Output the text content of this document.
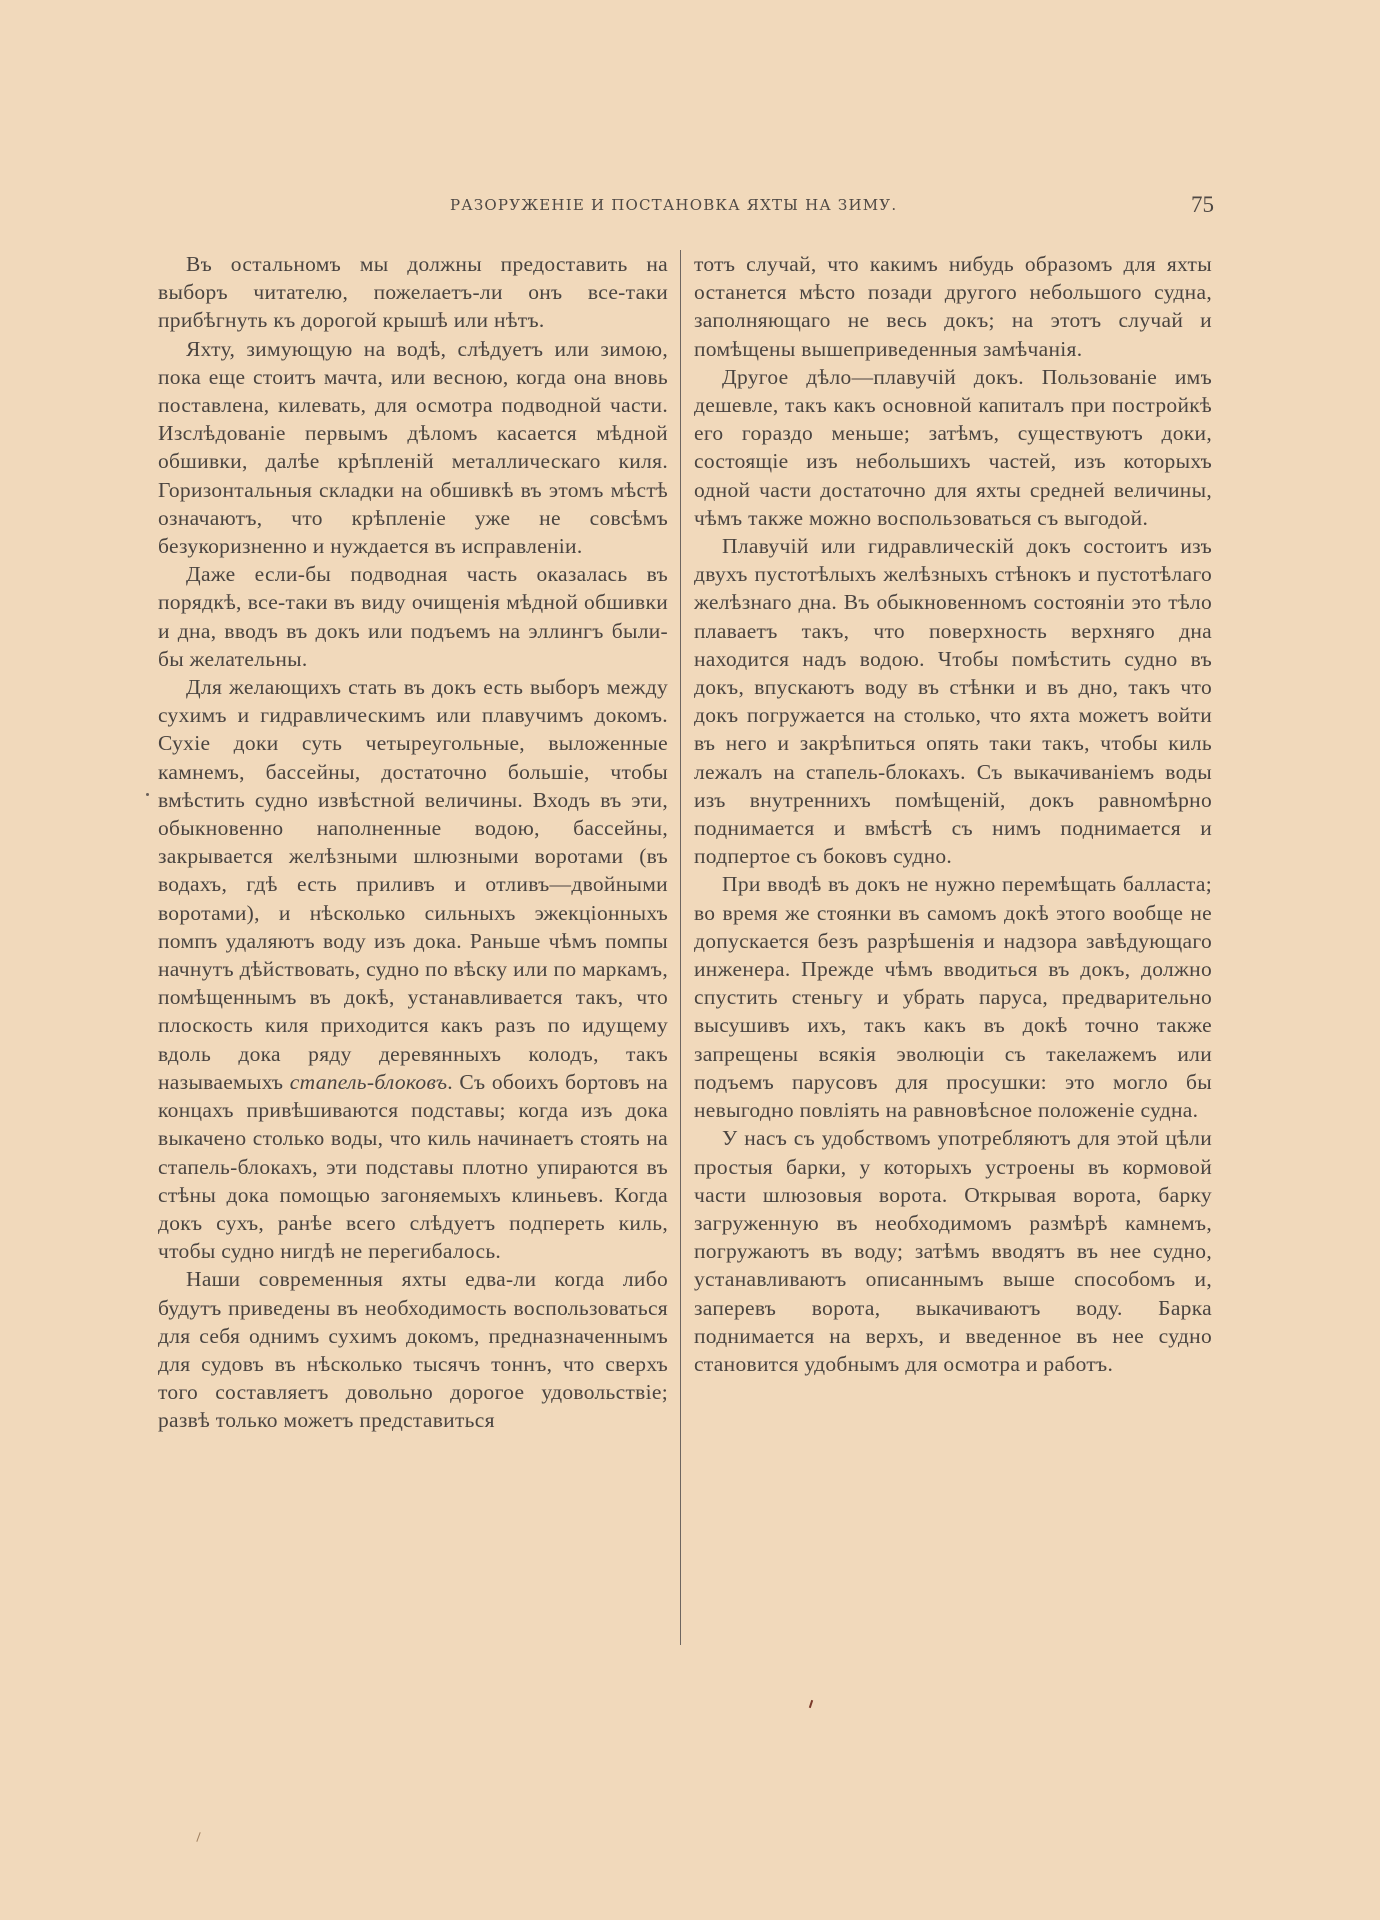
РАЗОРУЖЕНІЕ И ПОСТАНОВКА ЯХТЫ НА ЗИМУ.	75

Въ остальномъ мы должны предоставить на выборъ читателю, пожелаетъ-ли онъ все-таки прибѣгнуть къ дорогой крышѣ или нѣтъ.

Яхту, зимующую на водѣ, слѣдуетъ или зимою, пока еще стоитъ мачта, или весною, когда она вновь поставлена, килевать, для осмотра подводной части. Изслѣдованіе первымъ дѣломъ касается мѣдной обшивки, далѣе крѣпленій металлическаго киля. Горизонтальныя складки на обшивкѣ въ этомъ мѣстѣ означаютъ, что крѣпленіе уже не совсѣмъ безукоризненно и нуждается въ исправленіи.

Даже если-бы подводная часть оказалась въ порядкѣ, все-таки въ виду очищенія мѣдной обшивки и дна, вводъ въ докъ или подъемъ на эллингъ были-бы желательны.

Для желающихъ стать въ докъ есть выборъ между сухимъ и гидравлическимъ или плавучимъ докомъ. Сухіе доки суть четыреугольные, выложенные камнемъ, бассейны, достаточно большіе, чтобы вмѣстить судно извѣстной величины. Входъ въ эти, обыкновенно наполненные водою, бассейны, закрывается желѣзными шлюзными воротами (въ водахъ, гдѣ есть приливъ и отливъ—двойными воротами), и нѣсколько сильныхъ эжекціонныхъ помпъ удаляютъ воду изъ дока. Раньше чѣмъ помпы начнутъ дѣйствовать, судно по вѣску или по маркамъ, помѣщеннымъ въ докѣ, устанавливается такъ, что плоскость киля приходится какъ разъ по идущему вдоль дока ряду деревянныхъ колодъ, такъ называемыхъ стапель-блоковъ. Съ обоихъ бортовъ на концахъ привѣшиваются подставы; когда изъ дока выкачено столько воды, что киль начинаетъ стоять на стапель-блокахъ, эти подставы плотно упираются въ стѣны дока помощью загоняемыхъ клиньевъ. Когда докъ сухъ, ранѣе всего слѣдуетъ подпереть киль, чтобы судно нигдѣ не перегибалось.

Наши современныя яхты едва-ли когда либо будутъ приведены въ необходимость воспользоваться для себя однимъ сухимъ докомъ, предназначеннымъ для судовъ въ нѣсколько тысячъ тоннъ, что сверхъ того составляетъ довольно дорогое удовольствіе; развѣ только можетъ представиться

тотъ случай, что какимъ нибудь образомъ для яхты останется мѣсто позади другого небольшого судна, заполняющаго не весь докъ; на этотъ случай и помѣщены вышеприведенныя замѣчанія.

Другое дѣло—плавучій докъ. Пользованіе имъ дешевле, такъ какъ основной капиталъ при постройкѣ его гораздо меньше; затѣмъ, существуютъ доки, состоящіе изъ небольшихъ частей, изъ которыхъ одной части достаточно для яхты средней величины, чѣмъ также можно воспользоваться съ выгодой.

Плавучій или гидравлическій докъ состоитъ изъ двухъ пустотѣлыхъ желѣзныхъ стѣнокъ и пустотѣлаго желѣзнаго дна. Въ обыкновенномъ состояніи это тѣло плаваетъ такъ, что поверхность верхняго дна находится надъ водою. Чтобы помѣстить судно въ докъ, впускаютъ воду въ стѣнки и въ дно, такъ что докъ погружается на столько, что яхта можетъ войти въ него и закрѣпиться опять таки такъ, чтобы киль лежалъ на стапель-блокахъ. Съ выкачиваніемъ воды изъ внутреннихъ помѣщеній, докъ равномѣрно поднимается и вмѣстѣ съ нимъ поднимается и подпертое съ боковъ судно.

При вводѣ въ докъ не нужно перемѣщать балласта; во время же стоянки въ самомъ докѣ этого вообще не допускается безъ разрѣшенія и надзора завѣдующаго инженера. Прежде чѣмъ вводиться въ докъ, должно спустить стеньгу и убрать паруса, предварительно высушивъ ихъ, такъ какъ въ докѣ точно также запрещены всякія эволюціи съ такелажемъ или подъемъ парусовъ для просушки: это могло бы невыгодно повліять на равновѣсное положеніе судна.

У насъ съ удобствомъ употребляютъ для этой цѣли простыя барки, у которыхъ устроены въ кормовой части шлюзовыя ворота. Открывая ворота, барку загруженную въ необходимомъ размѣрѣ камнемъ, погружаютъ въ воду; затѣмъ вводятъ въ нее судно, устанавливаютъ описаннымъ выше способомъ и, заперевъ ворота, выкачиваютъ воду. Барка поднимается на верхъ, и введенное въ нее судно становится удобнымъ для осмотра и работъ.
